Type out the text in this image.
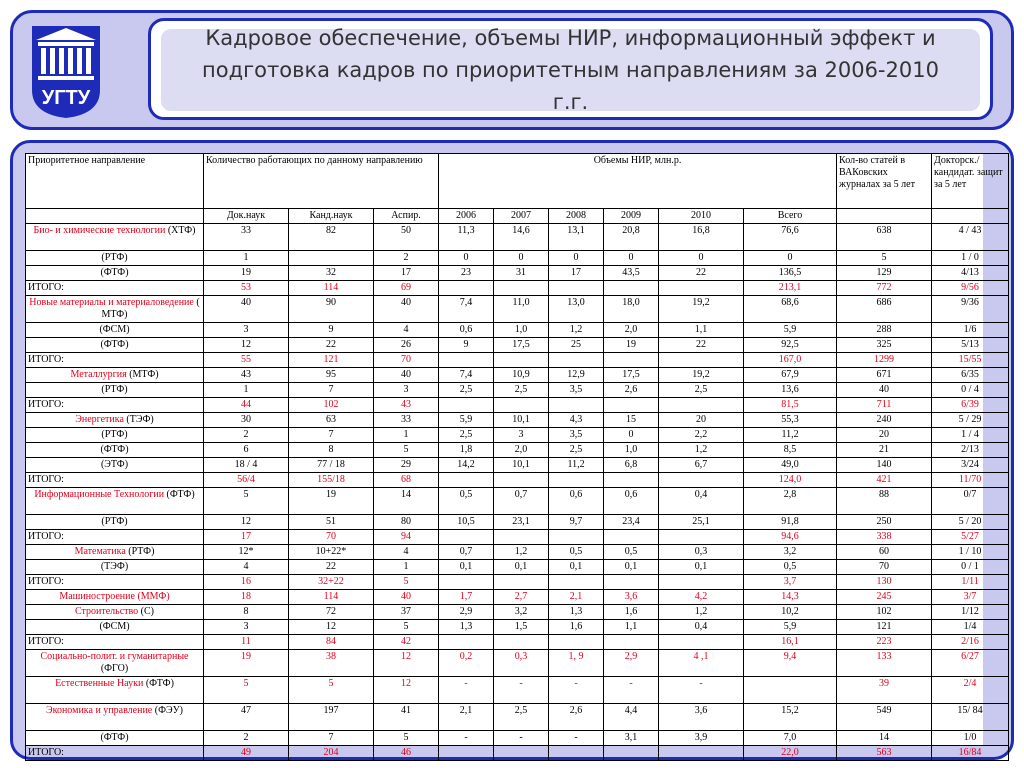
УГТУ
Кадровое обеспечение, объемы НИР, информационный эффект и подготовка кадров по приоритетным направлениям за 2006-2010 г.г.
Приоритетное направление	Количество работающих по данному направлению			Объемы НИР, млн.р.						Кол-во статей в ВАКовских журналах за 5 лет	Докторск./ кандидат. защит за 5 лет

	Док.наук	Канд.наук	Аспир.	2006	2007	2008	2009	2010	Всего		
Био- и химические технологии (ХТФ)	33	82	50	11,3	14,6	13,1	20,8	16,8	76,6	638	4 / 43
(РТФ)	1		2	0	0	0	0	0	0	5	1 / 0
(ФТФ)	19	32	17	23	31	17	43,5	22	136,5	129	4/13
ИТОГО:	53	114	69						213,1	772	9/56
Новые материалы и материаловедение ( МТФ)	40	90	40	7,4	11,0	13,0	18,0	19,2	68,6	686	9/36
(ФСМ)	3	9	4	0,6	1,0	1,2	2,0	1,1	5,9	288	1/6
(ФТФ)	12	22	26	9	17,5	25	19	22	92,5	325	5/13
ИТОГО:	55	121	70						167,0	1299	15/55
Металлургия (МТФ)	43	95	40	7,4	10,9	12,9	17,5	19,2	67,9	671	6/35
(РТФ)	1	7	3	2,5	2,5	3,5	2,6	2,5	13,6	40	0 / 4
ИТОГО:	44	102	43						81,5	711	6/39
Энергетика (ТЭФ)	30	63	33	5,9	10,1	4,3	15	20	55,3	240	5 / 29
(РТФ)	2	7	1	2,5	3	3,5	0	2,2	11,2	20	1 / 4
(ФТФ)	6	8	5	1,8	2,0	2,5	1,0	1,2	8,5	21	2/13
(ЭТФ)	18 / 4	77 / 18	29	14,2	10,1	11,2	6,8	6,7	49,0	140	3/24
ИТОГО:	56/4	155/18	68						124,0	421	11/70
Информационные Технологии (ФТФ)	5	19	14	0,5	0,7	0,6	0,6	0,4	2,8	88	0/7
(РТФ)	12	51	80	10,5	23,1	9,7	23,4	25,1	91,8	250	5 / 20
ИТОГО:	17	70	94						94,6	338	5/27
Математика (РТФ)	12*	10+22*	4	0,7	1,2	0,5	0,5	0,3	3,2	60	1 / 10
(ТЭФ)	4	22	1	0,1	0,1	0,1	0,1	0,1	0,5	70	0 / 1
ИТОГО:	16	32+22	5						3,7	130	1/11
Машиностроение (ММФ)	18	114	40	1,7	2,7	2,1	3,6	4,2	14,3	245	3/7
Строительство (С)	8	72	37	2,9	3,2	1,3	1,6	1,2	10,2	102	1/12
(ФСМ)	3	12	5	1,3	1,5	1,6	1,1	0,4	5,9	121	1/4
ИТОГО:	11	84	42						16,1	223	2/16
Социально-полит. и гуманитарные (ФГО)	19	38	12	0,2	0,3	1, 9	2,9	4 ,1	9,4	133	6/27
Естественные Науки (ФТФ)	5	5	12	-	-	-	-	-		39	2/4
Экономика и управление (ФЭУ)	47	197	41	2,1	2,5	2,6	4,4	3,6	15,2	549	15/ 84
(ФТФ)	2	7	5	-	-	-	3,1	3,9	7,0	14	1/0
ИТОГО:	49	204	46						22,0	563	16/84
